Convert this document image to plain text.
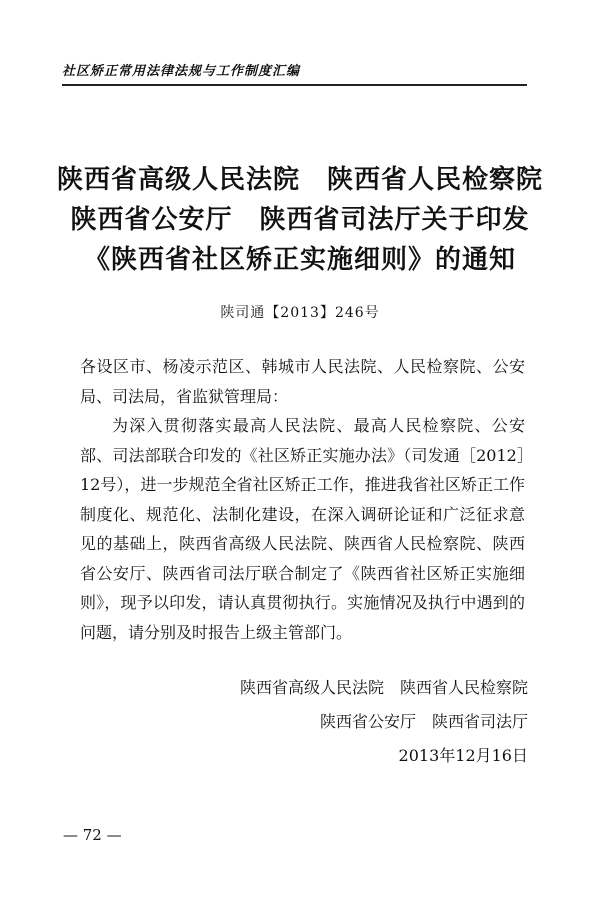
社区矫正常用法律法规与工作制度汇编
陕西省高级人民法院　陕西省人民检察院
陕西省公安厅　陕西省司法厅关于印发
《陕西省社区矫正实施细则》的通知
陕司通【2013】246号

各设区市、杨凌示范区、韩城市人民法院、人民检察院、公安局、司法局，省监狱管理局：

为深入贯彻落实最高人民法院、最高人民检察院、公安部、司法部联合印发的《社区矫正实施办法》（司发通［2012］12号），进一步规范全省社区矫正工作，推进我省社区矫正工作制度化、规范化、法制化建设，在深入调研论证和广泛征求意见的基础上，陕西省高级人民法院、陕西省人民检察院、陕西省公安厅、陕西省司法厅联合制定了《陕西省社区矫正实施细则》，现予以印发，请认真贯彻执行。实施情况及执行中遇到的问题，请分别及时报告上级主管部门。

陕西省高级人民法院　陕西省人民检察院
陕西省公安厅　陕西省司法厅
2013年12月16日
— 72 —
